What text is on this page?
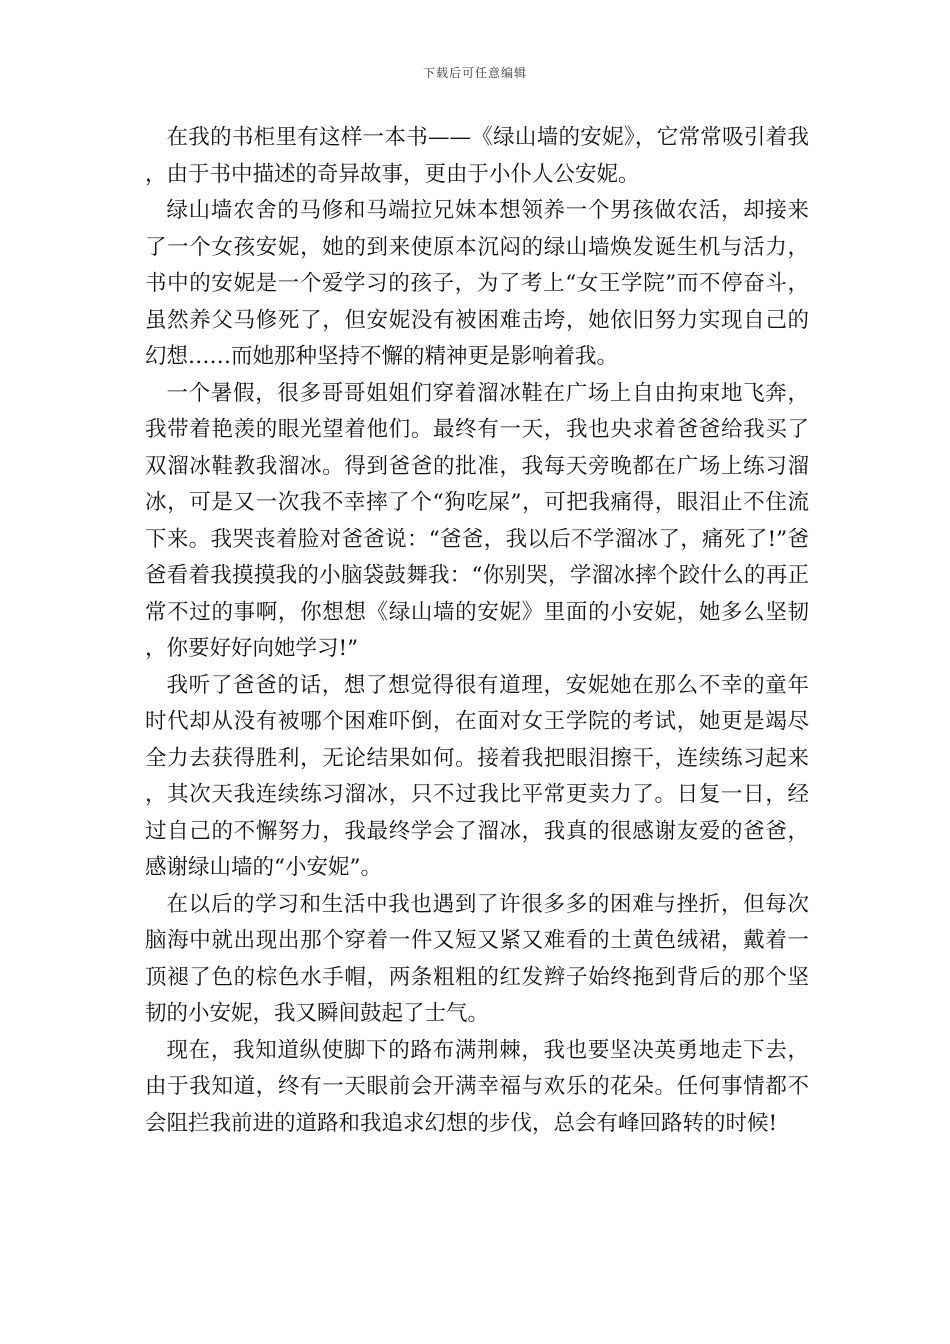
下载后可任意编辑

在我的书柜里有这样一本书——《绿山墙的安妮》，它常常吸引着我，由于书中描述的奇异故事，更由于小仆人公安妮。

绿山墙农舍的马修和马端拉兄妹本想领养一个男孩做农活，却接来了一个女孩安妮，她的到来使原本沉闷的绿山墙焕发诞生机与活力，书中的安妮是一个爱学习的孩子，为了考上“女王学院”而不停奋斗，虽然养父马修死了，但安妮没有被困难击垮，她依旧努力实现自己的幻想……而她那种坚持不懈的精神更是影响着我。

一个暑假，很多哥哥姐姐们穿着溜冰鞋在广场上自由拘束地飞奔，我带着艳羡的眼光望着他们。最终有一天，我也央求着爸爸给我买了双溜冰鞋教我溜冰。得到爸爸的批准，我每天旁晚都在广场上练习溜冰，可是又一次我不幸摔了个“狗吃屎”，可把我痛得，眼泪止不住流下来。我哭丧着脸对爸爸说：“爸爸，我以后不学溜冰了，痛死了!”爸爸看着我摸摸我的小脑袋鼓舞我：“你别哭，学溜冰摔个跤什么的再正常不过的事啊，你想想《绿山墙的安妮》里面的小安妮，她多么坚韧，你要好好向她学习!”

我听了爸爸的话，想了想觉得很有道理，安妮她在那么不幸的童年时代却从没有被哪个困难吓倒，在面对女王学院的考试，她更是竭尽全力去获得胜利，无论结果如何。接着我把眼泪擦干，连续练习起来，其次天我连续练习溜冰，只不过我比平常更卖力了。日复一日，经过自己的不懈努力，我最终学会了溜冰，我真的很感谢友爱的爸爸，感谢绿山墙的“小安妮”。

在以后的学习和生活中我也遇到了许很多多的困难与挫折，但每次脑海中就出现出那个穿着一件又短又紧又难看的土黄色绒裙，戴着一顶褪了色的棕色水手帽，两条粗粗的红发辫子始终拖到背后的那个坚韧的小安妮，我又瞬间鼓起了士气。

现在，我知道纵使脚下的路布满荆棘，我也要坚决英勇地走下去，由于我知道，终有一天眼前会开满幸福与欢乐的花朵。任何事情都不会阻拦我前进的道路和我追求幻想的步伐，总会有峰回路转的时候!
